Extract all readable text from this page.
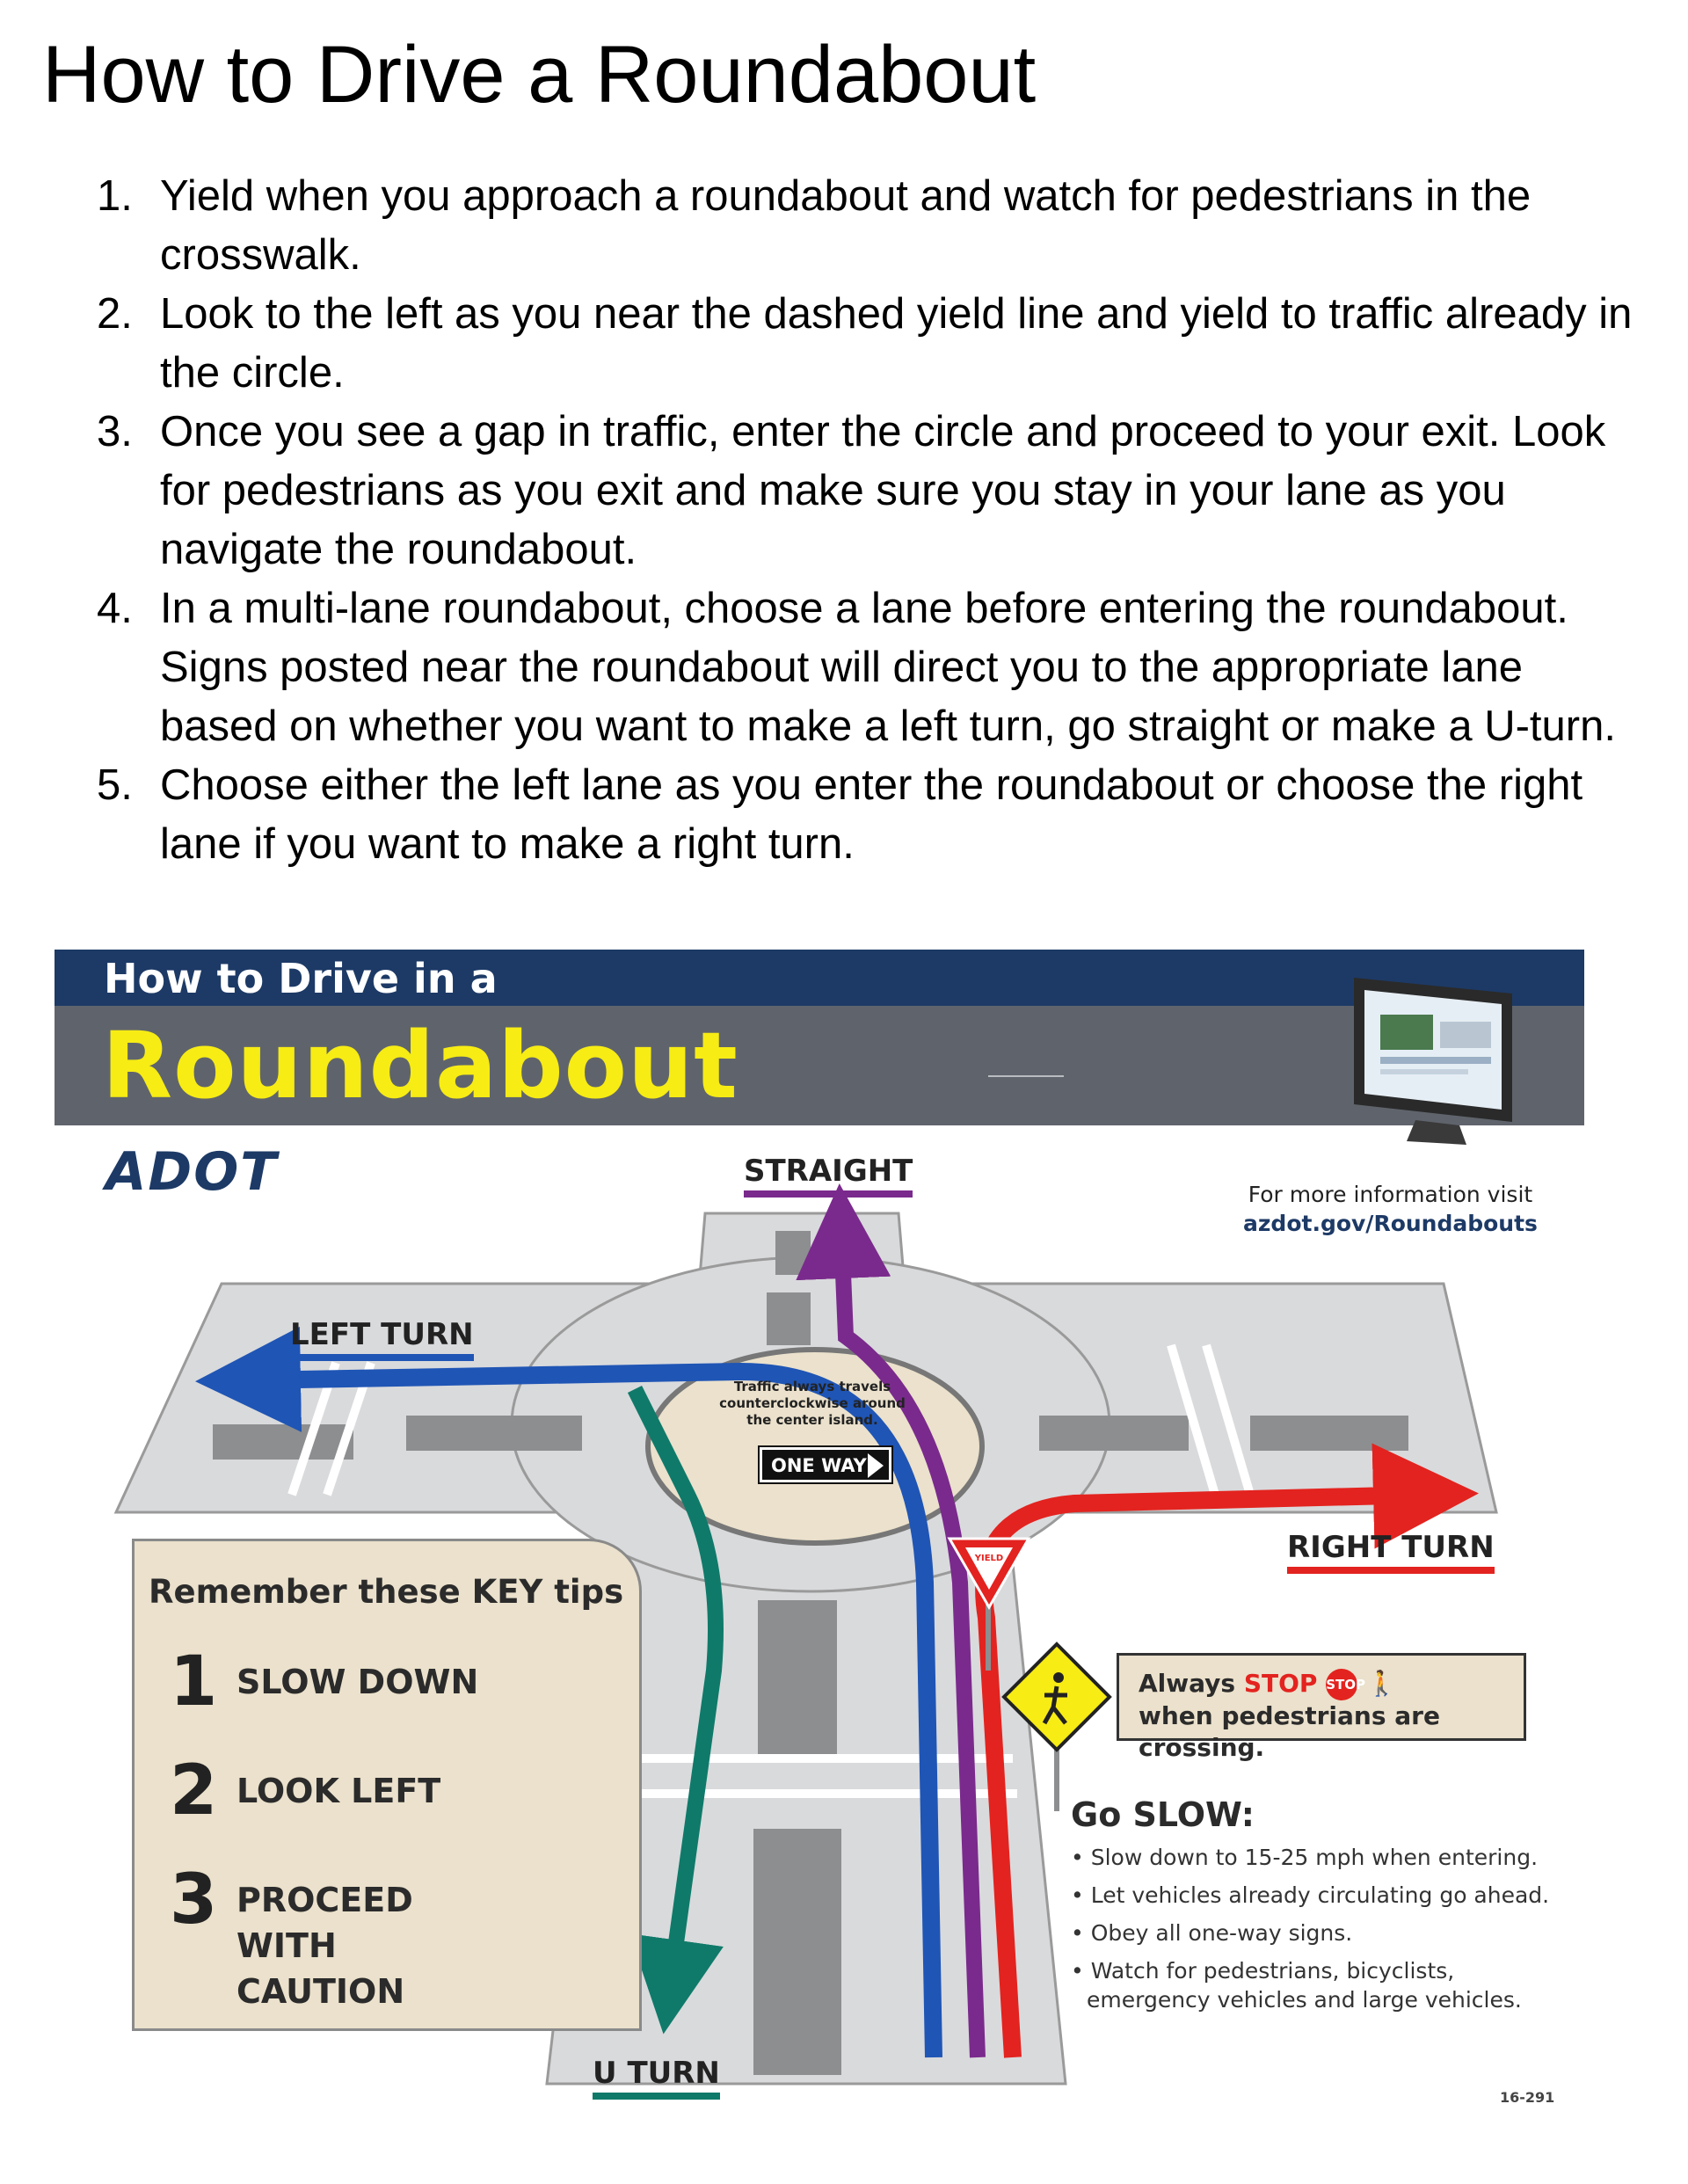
How to Drive a Roundabout
1. Yield when you approach a roundabout and watch for pedestrians in the crosswalk.
2. Look to the left as you near the dashed yield line and yield to traffic already in the circle.
3. Once you see a gap in traffic, enter the circle and proceed to your exit. Look for pedestrians as you exit and make sure you stay in your lane as you navigate the roundabout.
4. In a multi-lane roundabout, choose a lane before entering the roundabout. Signs posted near the roundabout will direct you to the appropriate lane based on whether you want to make a left turn, go straight or make a U-turn.
5. Choose either the left lane as you enter the roundabout or choose the right lane if you want to make a right turn.
YIELD
How to Drive in a
Roundabout
ADOT	For more information visit
azdot.gov/Roundabouts
STRAIGHT
LEFT TURN
RIGHT TURN
U TURN
Traffic always travels counterclockwise around the center island.
ONE WAY
Remember these KEY tips
1 SLOW DOWN
2 LOOK LEFT
3 PROCEED WITH CAUTION
Always STOP STOP 🚶
when pedestrians are crossing.
Go SLOW:
• Slow down to 15-25 mph when entering.
• Let vehicles already circulating go ahead.
• Obey all one-way signs.
• Watch for pedestrians, bicyclists, emergency vehicles and large vehicles.
16-291
